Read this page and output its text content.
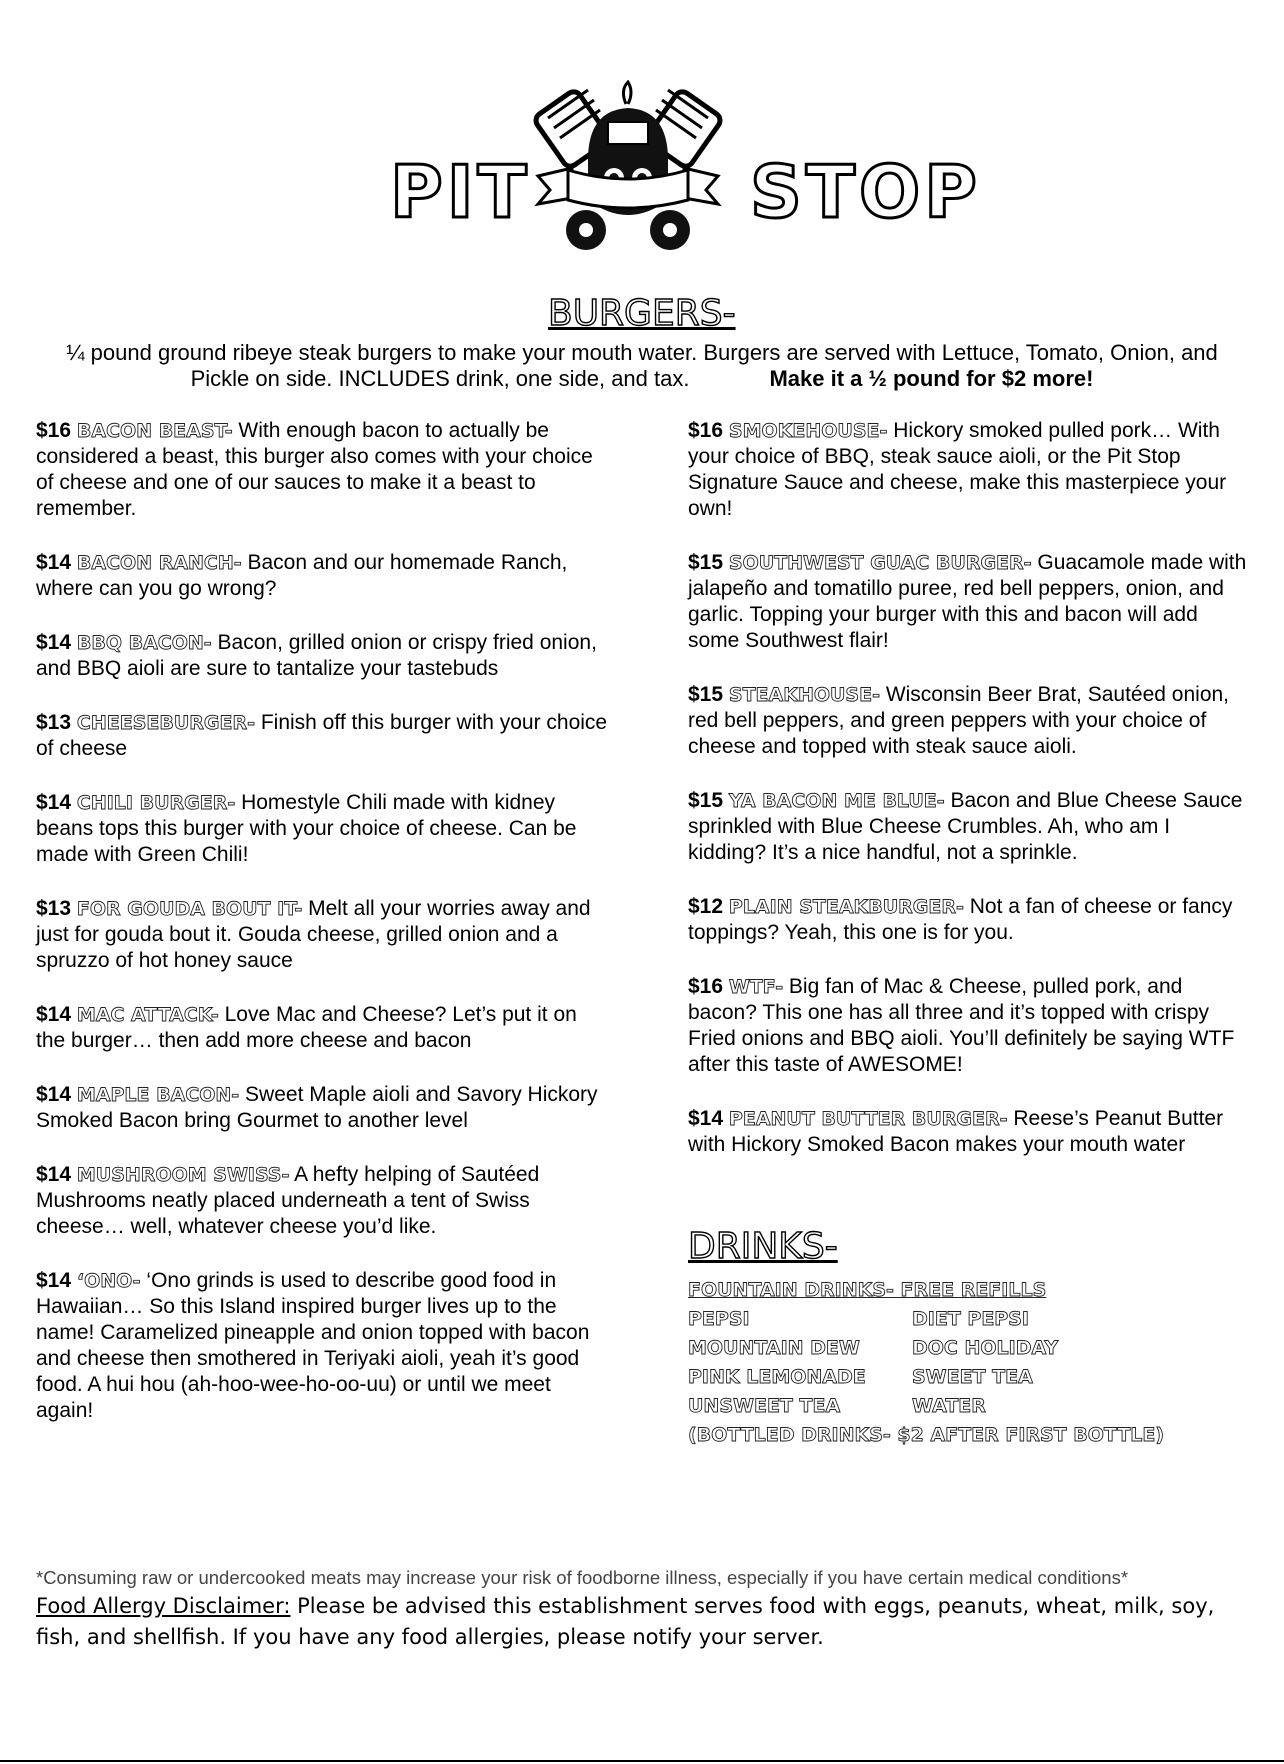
PIT	STOP
BURGERS-
¼ pound ground ribeye steak burgers to make your mouth water. Burgers are served with Lettuce, Tomato, Onion, and Pickle on side. INCLUDES drink, one side, and tax.	Make it a ½ pound for $2 more!

$16 BACON BEAST- With enough bacon to actually be considered a beast, this burger also comes with your choice of cheese and one of our sauces to make it a beast to remember.

$14 BACON RANCH- Bacon and our homemade Ranch, where can you go wrong?

$14 BBQ BACON- Bacon, grilled onion or crispy fried onion, and BBQ aioli are sure to tantalize your tastebuds

$13 CHEESEBURGER- Finish off this burger with your choice of cheese

$14 CHILI BURGER- Homestyle Chili made with kidney beans tops this burger with your choice of cheese. Can be made with Green Chili!

$13 FOR GOUDA BOUT IT- Melt all your worries away and just for gouda bout it. Gouda cheese, grilled onion and a spruzzo of hot honey sauce

$14 MAC ATTACK- Love Mac and Cheese? Let’s put it on the burger… then add more cheese and bacon

$14 MAPLE BACON- Sweet Maple aioli and Savory Hickory Smoked Bacon bring Gourmet to another level

$14 MUSHROOM SWISS- A hefty helping of Sautéed Mushrooms neatly placed underneath a tent of Swiss cheese… well, whatever cheese you’d like.

$14 ‘ONO- ‘Ono grinds is used to describe good food in Hawaiian… So this Island inspired burger lives up to the name! Caramelized pineapple and onion topped with bacon and cheese then smothered in Teriyaki aioli, yeah it’s good food. A hui hou (ah-hoo-wee-ho-oo-uu) or until we meet again!

$16 SMOKEHOUSE- Hickory smoked pulled pork… With your choice of BBQ, steak sauce aioli, or the Pit Stop Signature Sauce and cheese, make this masterpiece your own!

$15 SOUTHWEST GUAC BURGER- Guacamole made with jalapeño and tomatillo puree, red bell peppers, onion, and garlic. Topping your burger with this and bacon will add some Southwest flair!

$15 STEAKHOUSE- Wisconsin Beer Brat, Sautéed onion, red bell peppers, and green peppers with your choice of cheese and topped with steak sauce aioli.

$15 YA BACON ME BLUE- Bacon and Blue Cheese Sauce sprinkled with Blue Cheese Crumbles. Ah, who am I kidding? It’s a nice handful, not a sprinkle.

$12 PLAIN STEAKBURGER- Not a fan of cheese or fancy toppings? Yeah, this one is for you.

$16 WTF- Big fan of Mac & Cheese, pulled pork, and bacon? This one has all three and it’s topped with crispy Fried onions and BBQ aioli. You’ll definitely be saying WTF after this taste of AWESOME!

$14 PEANUT BUTTER BURGER- Reese’s Peanut Butter with Hickory Smoked Bacon makes your mouth water

DRINKS-
FOUNTAIN DRINKS- FREE REFILLS
PEPSI	DIET PEPSI
MOUNTAIN DEW	DOC HOLIDAY
PINK LEMONADE	SWEET TEA
UNSWEET TEA	WATER
(BOTTLED DRINKS- $2 AFTER FIRST BOTTLE)
*Consuming raw or undercooked meats may increase your risk of foodborne illness, especially if you have certain medical conditions*
Food Allergy Disclaimer: Please be advised this establishment serves food with eggs, peanuts, wheat, milk, soy, fish, and shellfish. If you have any food allergies, please notify your server.
